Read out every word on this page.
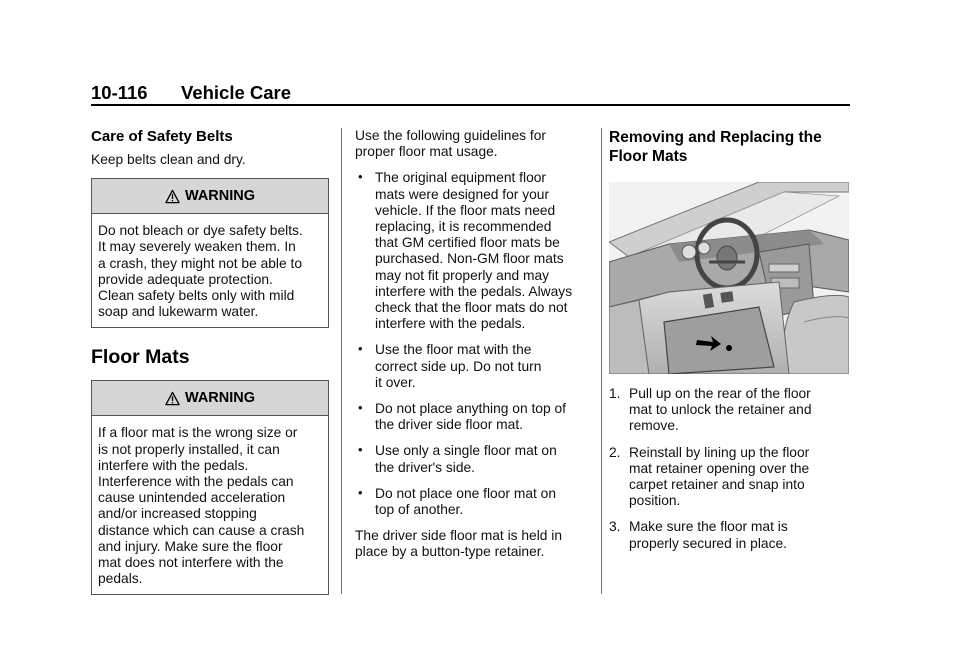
10-116 Vehicle Care
Care of Safety Belts

Keep belts clean and dry.

WARNING
Do not bleach or dye safety belts.
It may severely weaken them. In
a crash, they might not be able to
provide adequate protection.
Clean safety belts only with mild
soap and lukewarm water.
Floor Mats
WARNING
If a floor mat is the wrong size or
is not properly installed, it can
interfere with the pedals.
Interference with the pedals can
cause unintended acceleration
and/or increased stopping
distance which can cause a crash
and injury. Make sure the floor
mat does not interfere with the
pedals.

Use the following guidelines for
proper floor mat usage.

• The original equipment floor
mats were designed for your
vehicle. If the floor mats need
replacing, it is recommended
that GM certified floor mats be
purchased. Non-GM floor mats
may not fit properly and may
interfere with the pedals. Always
check that the floor mats do not
interfere with the pedals.
• Use the floor mat with the
correct side up. Do not turn
it over.
• Do not place anything on top of
the driver side floor mat.
• Use only a single floor mat on
the driver's side.
• Do not place one floor mat on
top of another.

The driver side floor mat is held in
place by a button-type retainer.

Removing and Replacing the
Floor Mats
1. Pull up on the rear of the floor
mat to unlock the retainer and
remove.
2. Reinstall by lining up the floor
mat retainer opening over the
carpet retainer and snap into
position.
3. Make sure the floor mat is
properly secured in place.
